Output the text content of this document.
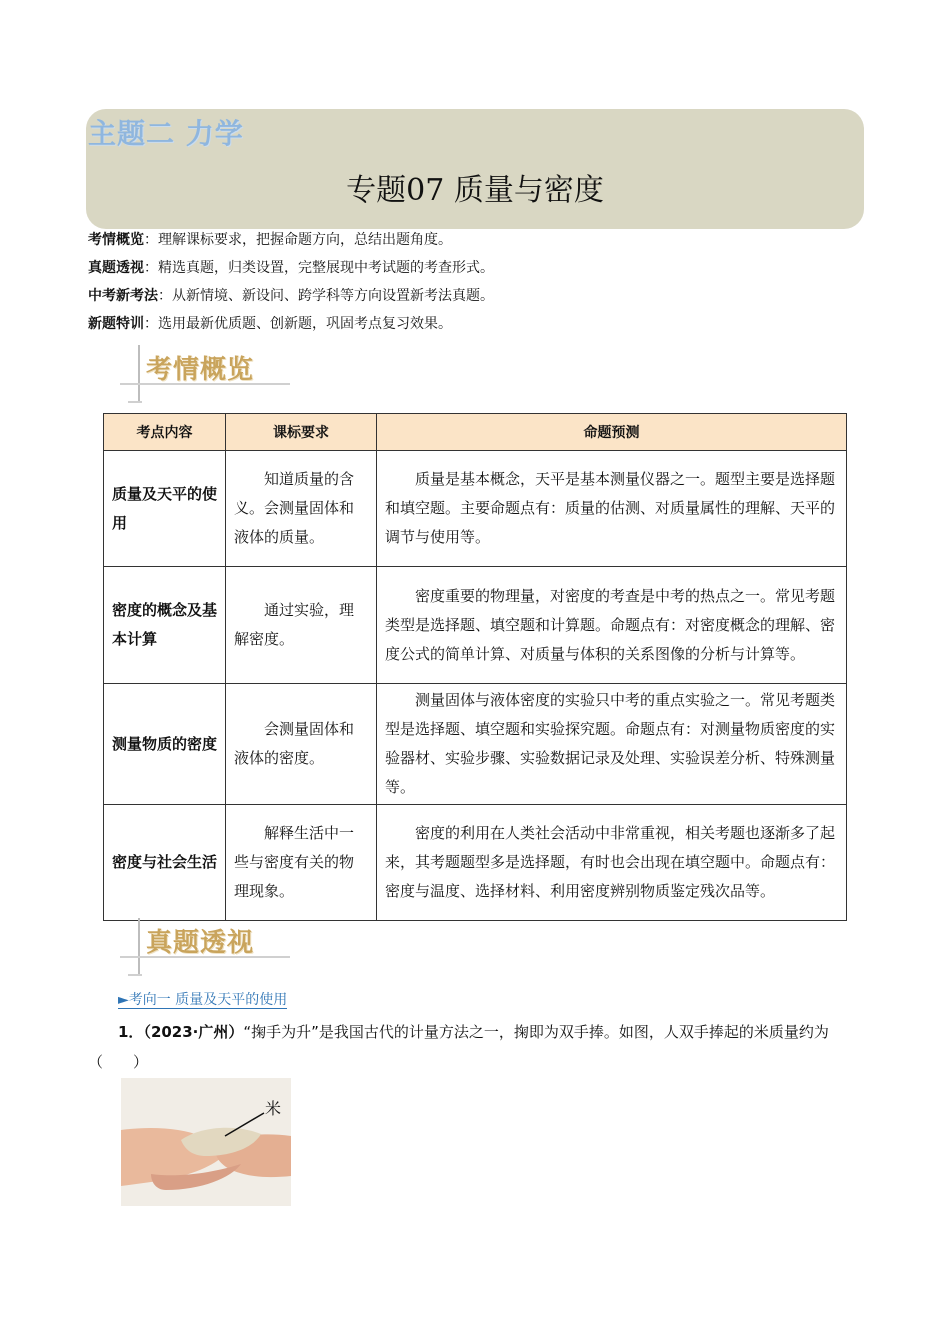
主题二 力学
专题07 质量与密度
考情概览：理解课标要求，把握命题方向，总结出题角度。
真题透视：精选真题，归类设置，完整展现中考试题的考查形式。
中考新考法：从新情境、新设问、跨学科等方向设置新考法真题。
新题特训：选用最新优质题、创新题，巩固考点复习效果。
考情概览
考点内容	课标要求	命题预测
质量及天平的使用	知道质量的含义。会测量固体和液体的质量。	质量是基本概念，天平是基本测量仪器之一。题型主要是选择题和填空题。主要命题点有：质量的估测、对质量属性的理解、天平的调节与使用等。
密度的概念及基本计算	通过实验，理解密度。	密度重要的物理量，对密度的考查是中考的热点之一。常见考题类型是选择题、填空题和计算题。命题点有：对密度概念的理解、密度公式的简单计算、对质量与体积的关系图像的分析与计算等。
测量物质的密度	会测量固体和液体的密度。	测量固体与液体密度的实验只中考的重点实验之一。常见考题类型是选择题、填空题和实验探究题。命题点有：对测量物质密度的实验器材、实验步骤、实验数据记录及处理、实验误差分析、特殊测量等。
密度与社会生活	解释生活中一些与密度有关的物理现象。	密度的利用在人类社会活动中非常重视，相关考题也逐渐多了起来，其考题题型多是选择题，有时也会出现在填空题中。命题点有：密度与温度、选择材料、利用密度辨别物质鉴定残次品等。
真题透视
►考向一 质量及天平的使用
1．（2023·广州）“掬手为升”是我国古代的计量方法之一，掬即为双手捧。如图，人双手捧起的米质量约为（　　）
米
